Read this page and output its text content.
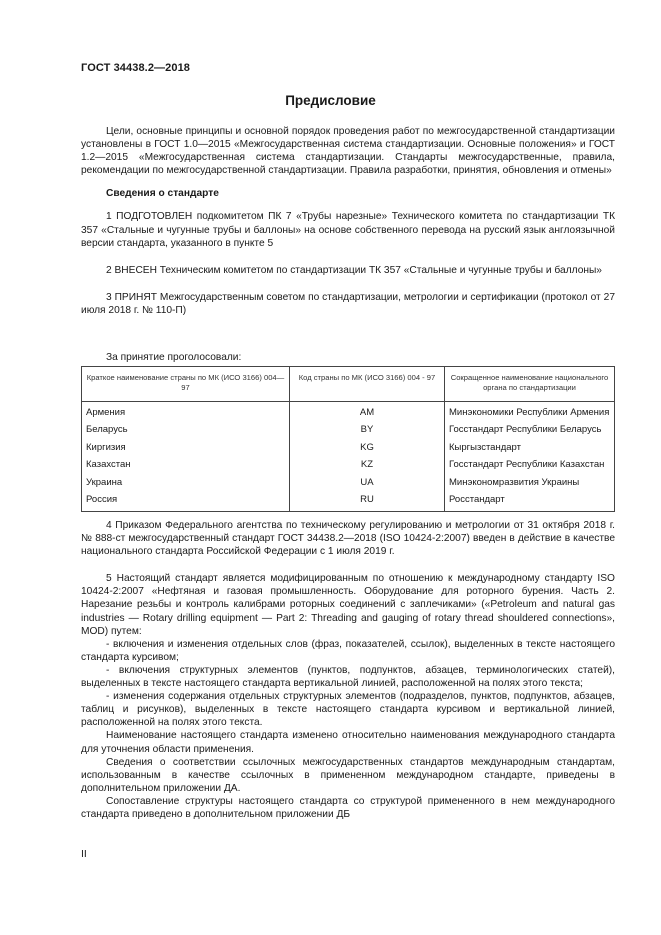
ГОСТ 34438.2—2018
Предисловие

Цели, основные принципы и основной порядок проведения работ по межгосударственной стандартизации установлены в ГОСТ 1.0—2015 «Межгосударственная система стандартизации. Основные положения» и ГОСТ 1.2—2015 «Межгосударственная система стандартизации. Стандарты межгосударственные, правила, рекомендации по межгосударственной стандартизации. Правила разработки, принятия, обновления и отмены»

Сведения о стандарте

1 ПОДГОТОВЛЕН подкомитетом ПК 7 «Трубы нарезные» Технического комитета по стандартизации ТК 357 «Стальные и чугунные трубы и баллоны» на основе собственного перевода на русский язык англоязычной версии стандарта, указанного в пункте 5

2 ВНЕСЕН Техническим комитетом по стандартизации ТК 357 «Стальные и чугунные трубы и баллоны»

3 ПРИНЯТ Межгосударственным советом по стандартизации, метрологии и сертификации (протокол от 27 июля 2018 г. № 110-П)

За принятие проголосовали:
Краткое наименование страны по МК (ИСО 3166) 004—97	Код страны по МК (ИСО 3166) 004 - 97	Сокращенное наименование национального органа по стандартизации
Армения	AM	Минэкономики Республики Армения
Беларусь	BY	Госстандарт Республики Беларусь
Киргизия	KG	Кыргызстандарт
Казахстан	KZ	Госстандарт Республики Казахстан
Украина	UA	Минэкономразвития Украины
Россия	RU	Росстандарт

4 Приказом Федерального агентства по техническому регулированию и метрологии от 31 октября 2018 г. № 888-ст межгосударственный стандарт ГОСТ 34438.2—2018 (ISO 10424-2:2007) введен в действие в качестве национального стандарта Российской Федерации с 1 июля 2019 г.

5 Настоящий стандарт является модифицированным по отношению к международному стандарту ISO 10424-2:2007 «Нефтяная и газовая промышленность. Оборудование для роторного бурения. Часть 2. Нарезание резьбы и контроль калибрами роторных соединений с заплечиками» («Petroleum and natural gas industries — Rotary drilling equipment — Part 2: Threading and gauging of rotary thread shouldered connections», MOD) путем:

- включения и изменения отдельных слов (фраз, показателей, ссылок), выделенных в тексте настоящего стандарта курсивом;

- включения структурных элементов (пунктов, подпунктов, абзацев, терминологических статей), выделенных в тексте настоящего стандарта вертикальной линией, расположенной на полях этого текста;

- изменения содержания отдельных структурных элементов (подразделов, пунктов, подпунктов, абзацев, таблиц и рисунков), выделенных в тексте настоящего стандарта курсивом и вертикальной линией, расположенной на полях этого текста.

Наименование настоящего стандарта изменено относительно наименования международного стандарта для уточнения области применения.

Сведения о соответствии ссылочных межгосударственных стандартов международным стандартам, использованным в качестве ссылочных в примененном международном стандарте, приведены в дополнительном приложении ДА.

Сопоставление структуры настоящего стандарта со структурой примененного в нем международного стандарта приведено в дополнительном приложении ДБ

II
